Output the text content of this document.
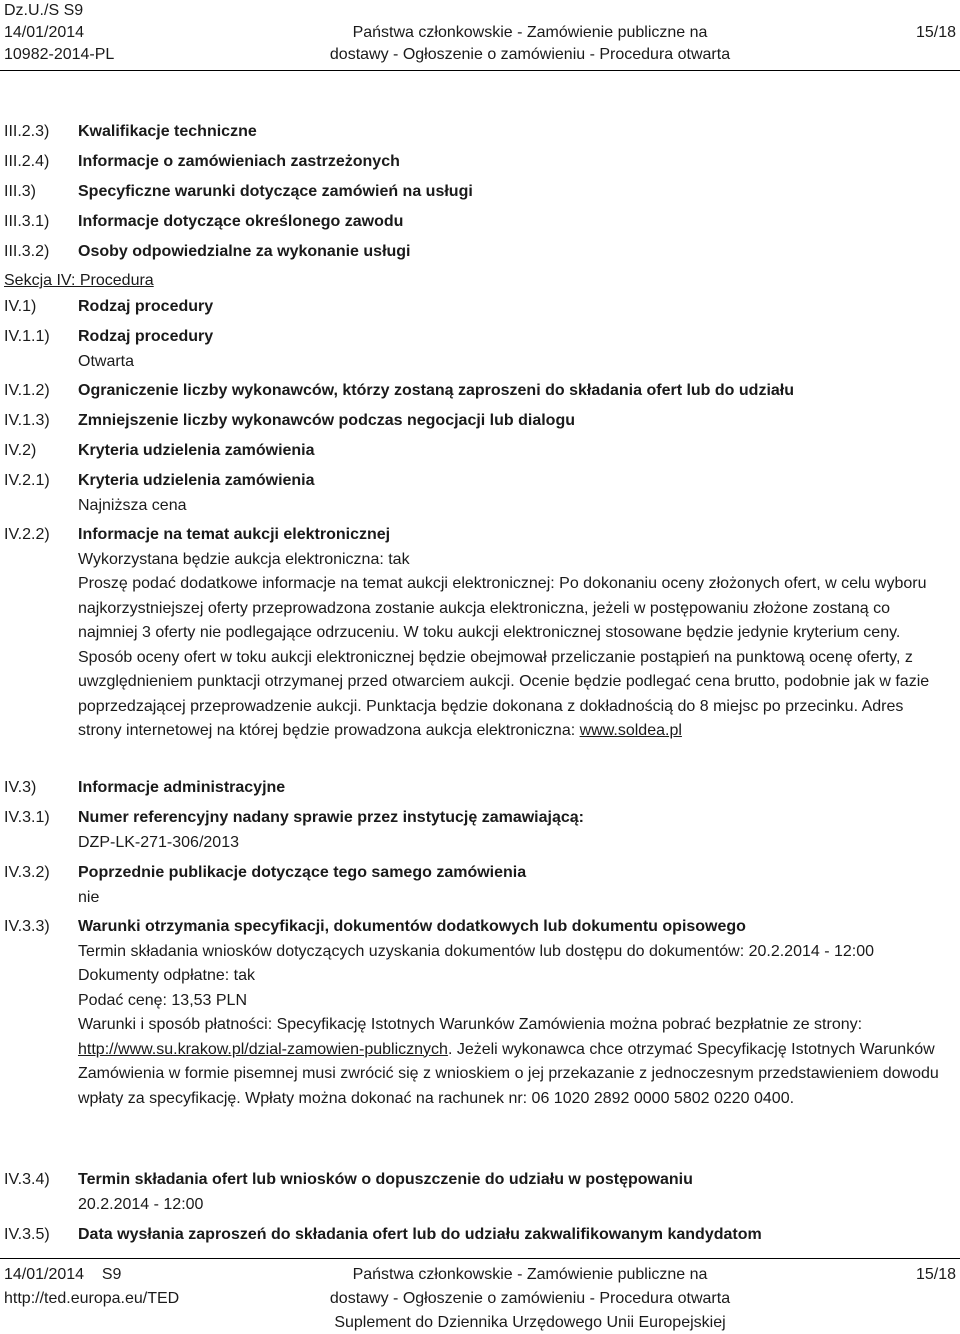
Dz.U./S S9
14/01/2014
10982-2014-PL
Państwa członkowskie - Zamówienie publiczne na
dostawy - Ogłoszenie o zamówieniu - Procedura otwarta
15/18
III.2.3) Kwalifikacje techniczne
III.2.4) Informacje o zamówieniach zastrzeżonych
III.3)	Specyficzne warunki dotyczące zamówień na usługi
III.3.1) Informacje dotyczące określonego zawodu
III.3.2) Osoby odpowiedzialne za wykonanie usługi
Sekcja IV: Procedura
IV.1)	Rodzaj procedury
IV.1.1) Rodzaj procedury

Otwarta

IV.1.2) Ograniczenie liczby wykonawców, którzy zostaną zaproszeni do składania ofert lub do udziału
IV.1.3) Zmniejszenie liczby wykonawców podczas negocjacji lub dialogu
IV.2)	Kryteria udzielenia zamówienia
IV.2.1) Kryteria udzielenia zamówienia

Najniższa cena

IV.2.2) Informacje na temat aukcji elektronicznej

Wykorzystana będzie aukcja elektroniczna: tak

Proszę podać dodatkowe informacje na temat aukcji elektronicznej: Po dokonaniu oceny złożonych ofert, w celu wyboru najkorzystniejszej oferty przeprowadzona zostanie aukcja elektroniczna, jeżeli w postępowaniu złożone zostaną co najmniej 3 oferty nie podlegające odrzuceniu. W toku aukcji elektronicznej stosowane będzie jedynie kryterium ceny. Sposób oceny ofert w toku aukcji elektronicznej będzie obejmował przeliczanie postąpień na punktową ocenę oferty, z uwzględnieniem punktacji otrzymanej przed otwarciem aukcji. Ocenie będzie podlegać cena brutto, podobnie jak w fazie poprzedzającej przeprowadzenie aukcji. Punktacja będzie dokonana z dokładnością do 8 miejsc po przecinku. Adres strony internetowej na której będzie prowadzona aukcja elektroniczna: www.soldea.pl

IV.3)	Informacje administracyjne
IV.3.1) Numer referencyjny nadany sprawie przez instytucję zamawiającą:

DZP-LK-271-306/2013

IV.3.2) Poprzednie publikacje dotyczące tego samego zamówienia

nie

IV.3.3) Warunki otrzymania specyfikacji, dokumentów dodatkowych lub dokumentu opisowego

Termin składania wniosków dotyczących uzyskania dokumentów lub dostępu do dokumentów: 20.2.2014 - 12:00

Dokumenty odpłatne: tak

Podać cenę: 13,53 PLN

Warunki i sposób płatności: Specyfikację Istotnych Warunków Zamówienia można pobrać bezpłatnie ze strony: http://www.su.krakow.pl/dzial-zamowien-publicznych. Jeżeli wykonawca chce otrzymać Specyfikację Istotnych Warunków Zamówienia w formie pisemnej musi zwrócić się z wnioskiem o jej przekazanie z jednoczesnym przedstawieniem dowodu wpłaty za specyfikację. Wpłaty można dokonać na rachunek nr: 06 1020 2892 0000 5802 0220 0400.

IV.3.4) Termin składania ofert lub wniosków o dopuszczenie do udziału w postępowaniu

20.2.2014 - 12:00

IV.3.5) Data wysłania zaproszeń do składania ofert lub do udziału zakwalifikowanym kandydatom
14/01/2014 S9
http://ted.europa.eu/TED
Państwa członkowskie - Zamówienie publiczne na
dostawy - Ogłoszenie o zamówieniu - Procedura otwarta
Suplement do Dziennika Urzędowego Unii Europejskiej
15/18
